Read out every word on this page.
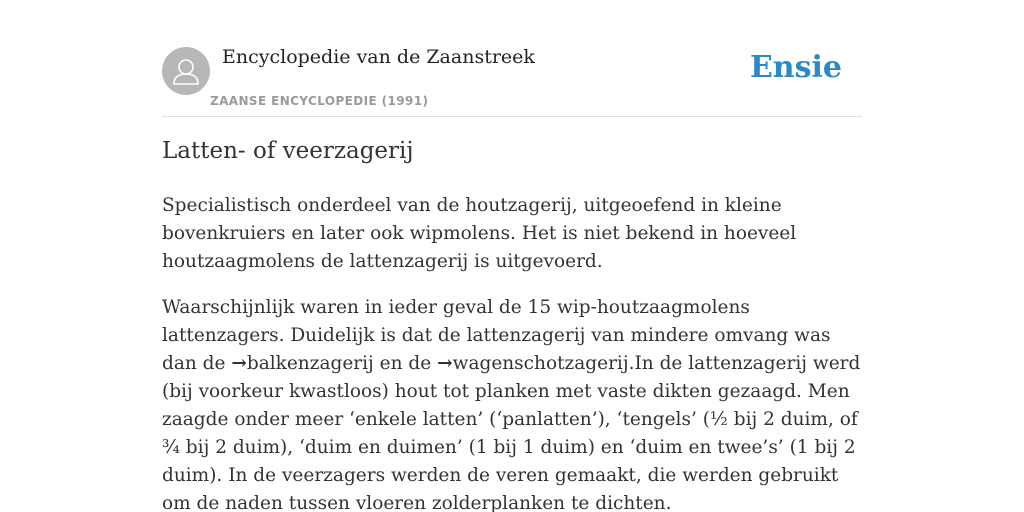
Encyclopedie van de Zaanstreek
ZAANSE ENCYCLOPEDIE (1991)
Ensie
Latten- of veerzagerij

Specialistisch onderdeel van de houtzagerij, uitgeoefend in kleine bovenkruiers en later ook wipmolens. Het is niet bekend in hoeveel houtzaagmolens de lattenzagerij is uitgevoerd.

Waarschijnlijk waren in ieder geval de 15 wip-houtzaagmolens lattenzagers. Duidelijk is dat de lattenzagerij van mindere omvang was dan de →balkenzagerij en de →wagenschotzagerij.In de lattenzagerij werd (bij voorkeur kwastloos) hout tot planken met vaste dikten gezaagd. Men zaagde onder meer ‘enkele latten’ (‘panlatten’), ‘tengels’ (½ bij 2 duim, of ¾ bij 2 duim), ‘duim en duimen’ (1 bij 1 duim) en ‘duim en twee’s’ (1 bij 2 duim). In de veerzagers werden de veren gemaakt, die werden gebruikt om de naden tussen vloeren zolderplanken te dichten.
